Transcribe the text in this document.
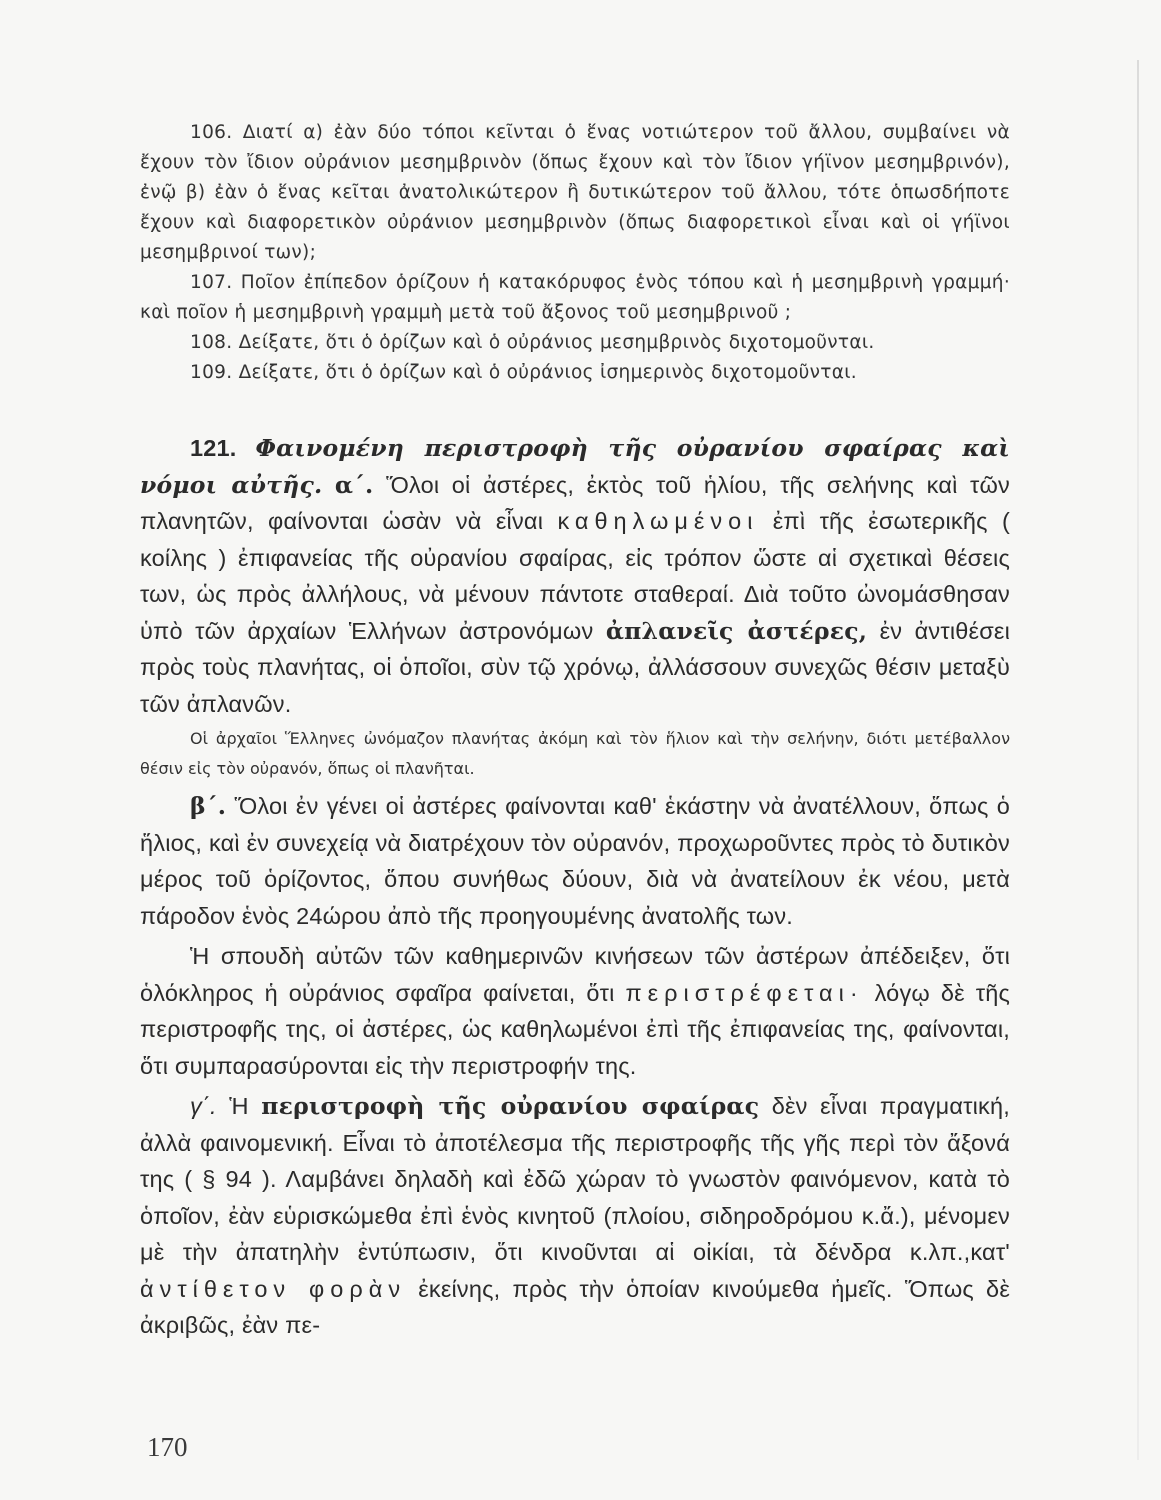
106. Διατί α) ἐὰν δύο τόποι κεῖνται ὁ ἕνας νοτιώτερον τοῦ ἄλλου, συμβαίνει νὰ ἔχουν τὸν ἴδιον οὐράνιον μεσημβρινὸν (ὅπως ἔχουν καὶ τὸν ἴδιον γήϊνον μεσημβρινόν), ἐνῷ β) ἐὰν ὁ ἕνας κεῖται ἀνατολικώτερον ἢ δυτικώτερον τοῦ ἄλλου, τότε ὁπωσδήποτε ἔχουν καὶ διαφορετικὸν οὐράνιον μεσημβρινὸν (ὅπως διαφορετικοὶ εἶναι καὶ οἱ γήϊνοι μεσημβρινοί των);

107. Ποῖον ἐπίπεδον ὁρίζουν ἡ κατακόρυφος ἑνὸς τόπου καὶ ἡ μεσημβρινὴ γραμμή· καὶ ποῖον ἡ μεσημβρινὴ γραμμὴ μετὰ τοῦ ἄξονος τοῦ μεσημβρινοῦ ;

108. Δείξατε, ὅτι ὁ ὁρίζων καὶ ὁ οὐράνιος μεσημβρινὸς διχοτομοῦνται.

109. Δείξατε, ὅτι ὁ ὁρίζων καὶ ὁ οὐράνιος ἰσημερινὸς διχοτομοῦνται.

121. Φαινομένη περιστροφὴ τῆς οὐρανίου σφαίρας καὶ νόμοι αὐτῆς. α΄. Ὅλοι οἱ ἀστέρες, ἐκτὸς τοῦ ἡλίου, τῆς σελήνης καὶ τῶν πλανητῶν, φαίνονται ὡσὰν νὰ εἶναι καθηλωμένοι ἐπὶ τῆς ἐσωτερικῆς ( κοίλης ) ἐπιφανείας τῆς οὐρανίου σφαίρας, εἰς τρόπον ὥστε αἱ σχετικαὶ θέσεις των, ὡς πρὸς ἀλλήλους, νὰ μένουν πάντοτε σταθεραί. Διὰ τοῦτο ὠνομάσθησαν ὑπὸ τῶν ἀρχαίων Ἑλλήνων ἀστρονόμων ἀπλανεῖς ἀστέρες, ἐν ἀντιθέσει πρὸς τοὺς πλανήτας, οἱ ὁποῖοι, σὺν τῷ χρόνῳ, ἀλλάσσουν συνεχῶς θέσιν μεταξὺ τῶν ἀπλανῶν.

Οἱ ἀρχαῖοι Ἕλληνες ὠνόμαζον πλανήτας ἀκόμη καὶ τὸν ἥλιον καὶ τὴν σελήνην, διότι μετέβαλλον θέσιν εἰς τὸν οὐρανόν, ὅπως οἱ πλανῆται.

β΄. Ὅλοι ἐν γένει οἱ ἀστέρες φαίνονται καθ' ἑκάστην νὰ ἀνατέλλουν, ὅπως ὁ ἥλιος, καὶ ἐν συνεχείᾳ νὰ διατρέχουν τὸν οὐρανόν, προχωροῦντες πρὸς τὸ δυτικὸν μέρος τοῦ ὁρίζοντος, ὅπου συνήθως δύουν, διὰ νὰ ἀνατείλουν ἐκ νέου, μετὰ πάροδον ἑνὸς 24ώρου ἀπὸ τῆς προηγουμένης ἀνατολῆς των.

Ἡ σπουδὴ αὐτῶν τῶν καθημερινῶν κινήσεων τῶν ἀστέρων ἀπέδειξεν, ὅτι ὁλόκληρος ἡ οὐράνιος σφαῖρα φαίνεται, ὅτι περιστρέφεται· λόγῳ δὲ τῆς περιστροφῆς της, οἱ ἀστέρες, ὡς καθηλωμένοι ἐπὶ τῆς ἐπιφανείας της, φαίνονται, ὅτι συμπαρασύρονται εἰς τὴν περιστροφήν της.

γ΄. Ἡ περιστροφὴ τῆς οὐρανίου σφαίρας δὲν εἶναι πραγματική, ἀλλὰ φαινομενική. Εἶναι τὸ ἀποτέλεσμα τῆς περιστροφῆς τῆς γῆς περὶ τὸν ἄξονά της ( § 94 ). Λαμβάνει δηλαδὴ καὶ ἐδῶ χώραν τὸ γνωστὸν φαινόμενον, κατὰ τὸ ὁποῖον, ἐὰν εὑρισκώμεθα ἐπὶ ἑνὸς κινητοῦ (πλοίου, σιδηροδρόμου κ.ἄ.), μένομεν μὲ τὴν ἀπατηλὴν ἐντύπωσιν, ὅτι κινοῦνται αἱ οἰκίαι, τὰ δένδρα κ.λπ.,κατ' ἀντίθετον φορὰν ἐκείνης, πρὸς τὴν ὁποίαν κινούμεθα ἡμεῖς. Ὅπως δὲ ἀκριβῶς, ἐὰν πε-

170
